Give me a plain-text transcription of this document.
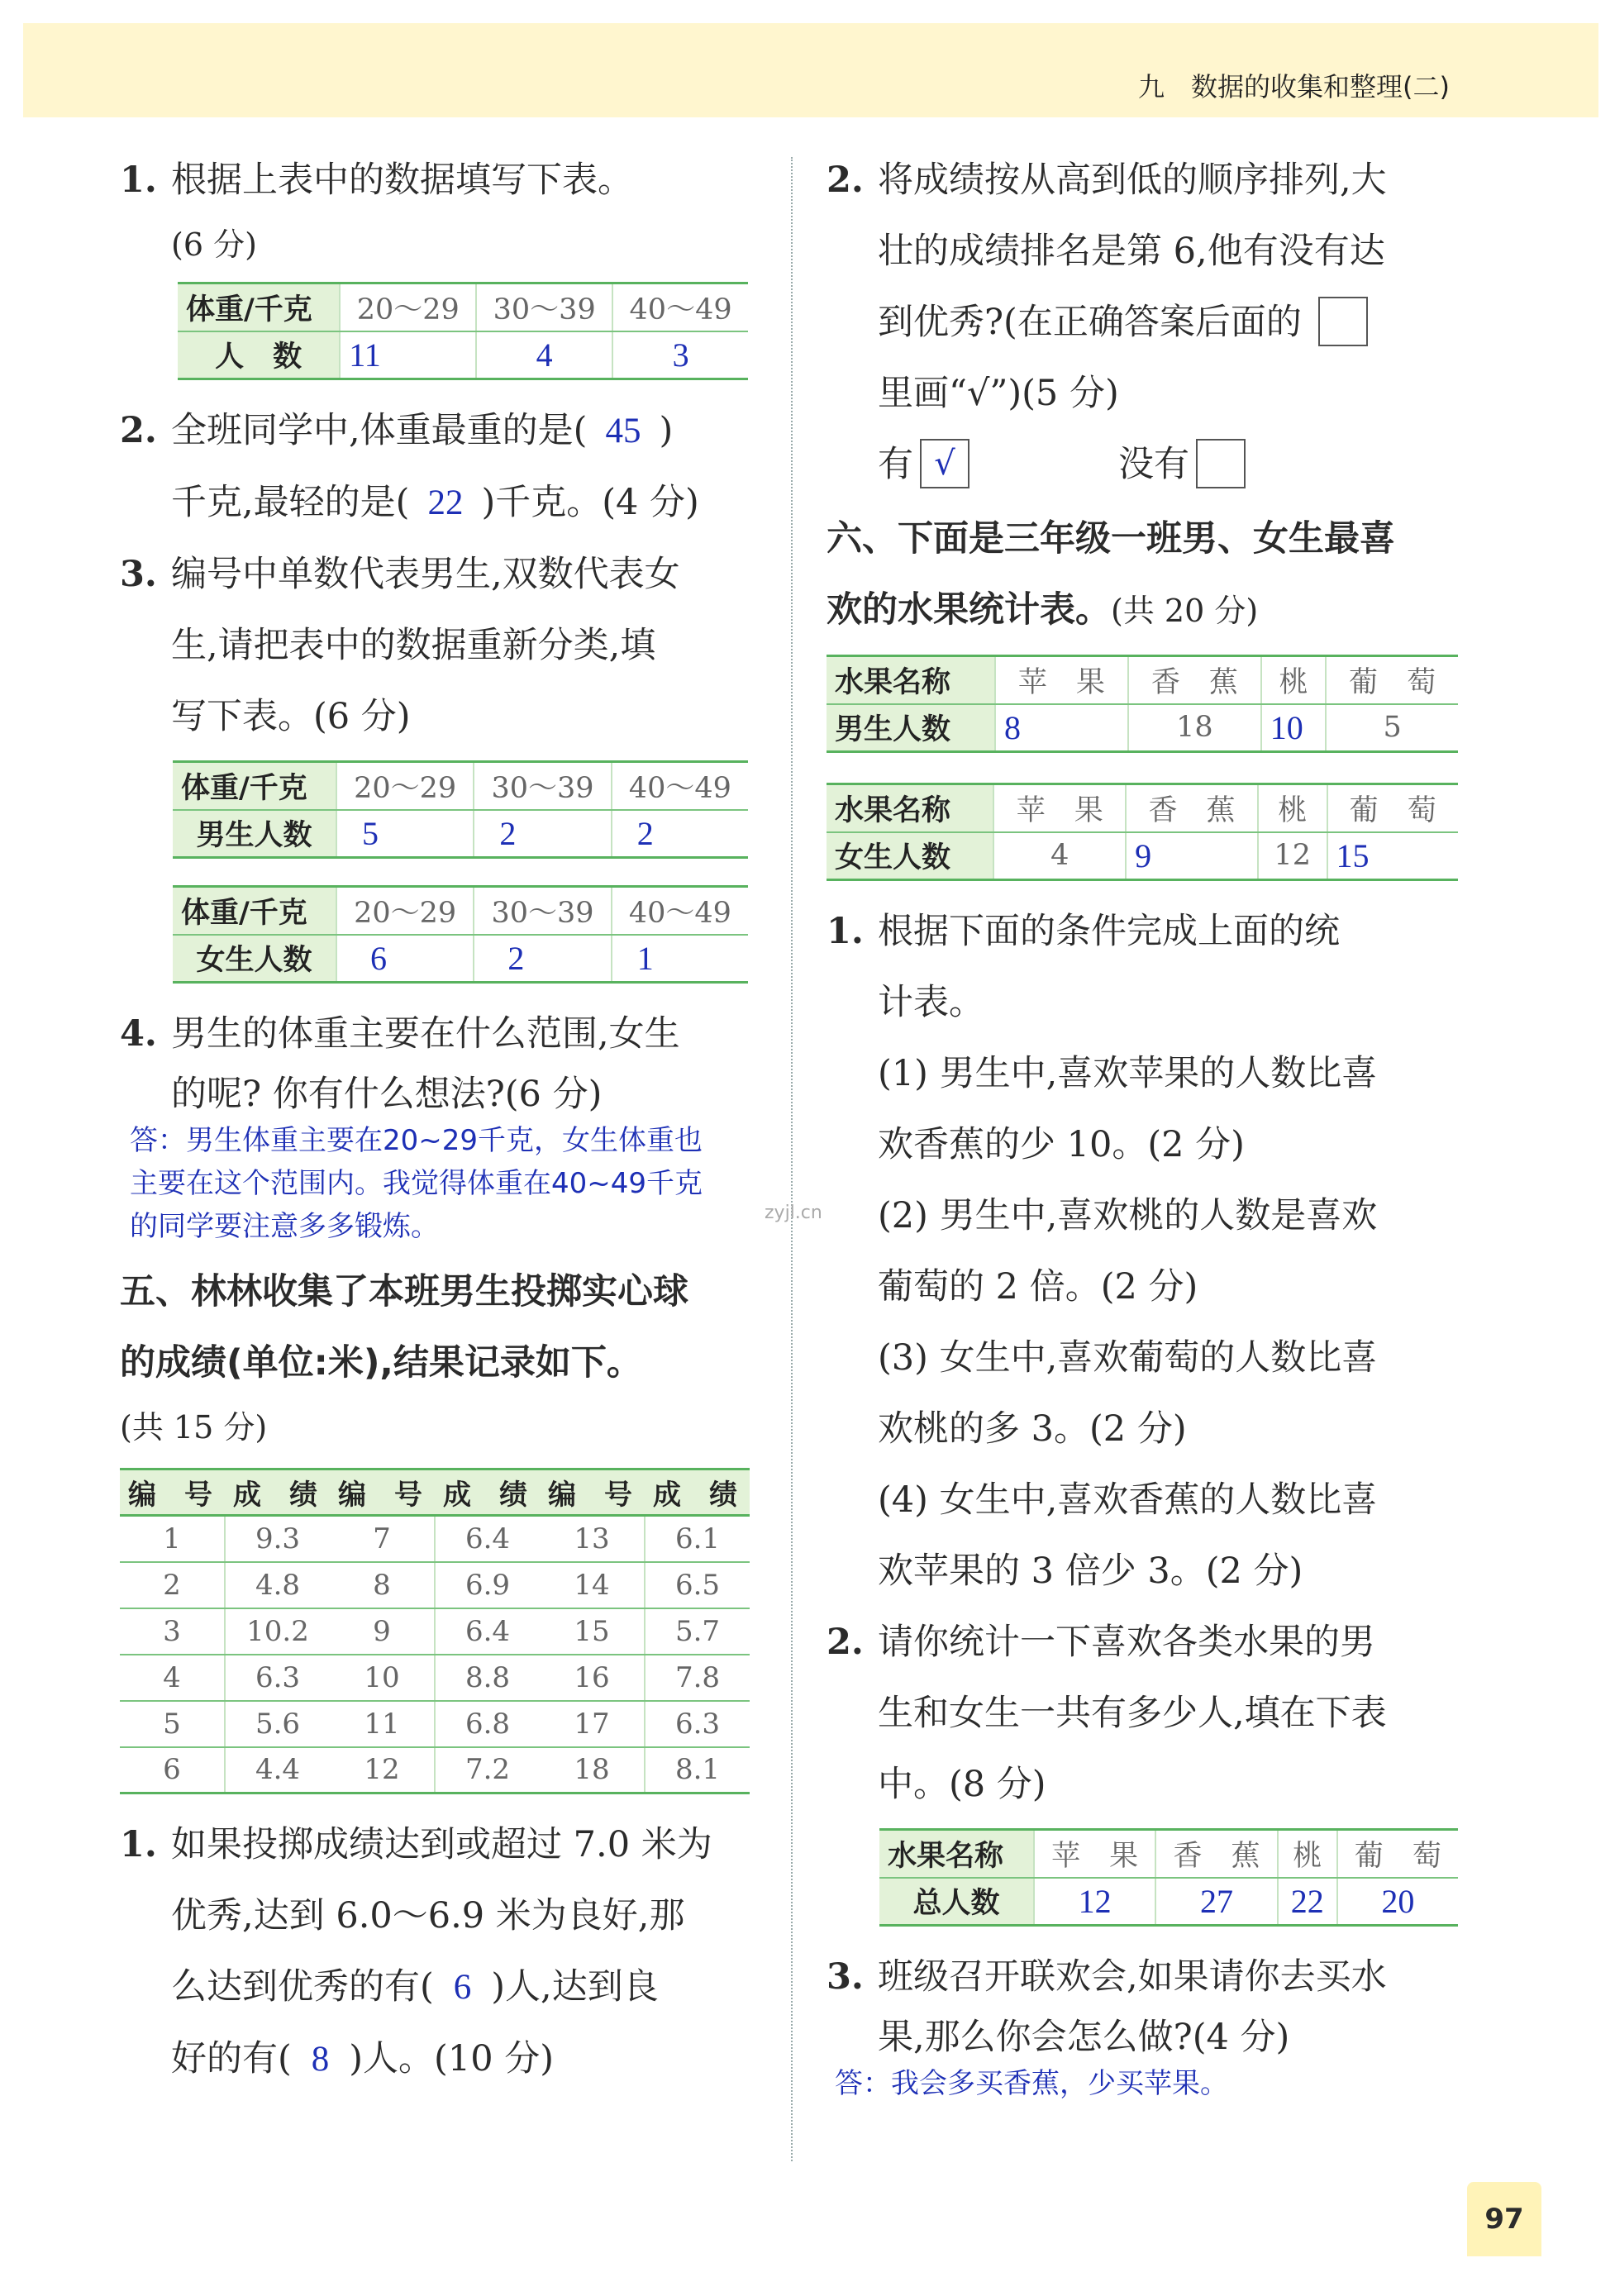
九　数据的收集和整理(二)
zyjl.cn
1. 根据上表中的数据填写下表。
(6 分)
体重/千克	20～29	30～39	40～49
人　数	11	4	3
2. 全班同学中,体重最重的是( 45 )
千克,最轻的是( 22 )千克。(4 分)
3. 编号中单数代表男生,双数代表女
生,请把表中的数据重新分类,填
写下表。(6 分)
体重/千克	20～29	30～39	40～49
男生人数	5	2	2
体重/千克	20～29	30～39	40～49
女生人数	6	2	1
4. 男生的体重主要在什么范围,女生
的呢? 你有什么想法?(6 分)
答：男生体重主要在20~29千克，女生体重也
主要在这个范围内。我觉得体重在40~49千克
的同学要注意多多锻炼。
五、林林收集了本班男生投掷实心球
的成绩(单位:米),结果记录如下。
(共 15 分)
编　号	成　绩	编　号	成　绩	编　号	成　绩
1	9.3	7	6.4	13	6.1
2	4.8	8	6.9	14	6.5
3	10.2	9	6.4	15	5.7
4	6.3	10	8.8	16	7.8
5	5.6	11	6.8	17	6.3
6	4.4	12	7.2	18	8.1
1. 如果投掷成绩达到或超过 7.0 米为
优秀,达到 6.0～6.9 米为良好,那
么达到优秀的有( 6 )人,达到良
好的有( 8 )人。(10 分)
2. 将成绩按从高到低的顺序排列,大
壮的成绩排名是第 6,他有没有达
到优秀?(在正确答案后面的
里画“√”)(5 分)
有 √	没有
六、下面是三年级一班男、女生最喜
欢的水果统计表。(共 20 分)
水果名称	苹　果	香　蕉	桃	葡　萄
男生人数	8	18	10	5
水果名称	苹　果	香　蕉	桃	葡　萄
女生人数	4	9	12	15
1. 根据下面的条件完成上面的统
计表。
(1) 男生中,喜欢苹果的人数比喜
欢香蕉的少 10。(2 分)
(2) 男生中,喜欢桃的人数是喜欢
葡萄的 2 倍。(2 分)
(3) 女生中,喜欢葡萄的人数比喜
欢桃的多 3。(2 分)
(4) 女生中,喜欢香蕉的人数比喜
欢苹果的 3 倍少 3。(2 分)
2. 请你统计一下喜欢各类水果的男
生和女生一共有多少人,填在下表
中。(8 分)
水果名称	苹　果	香　蕉	桃	葡　萄
总人数	12	27	22	20
3. 班级召开联欢会,如果请你去买水
果,那么你会怎么做?(4 分)
答：我会多买香蕉，少买苹果。
97
